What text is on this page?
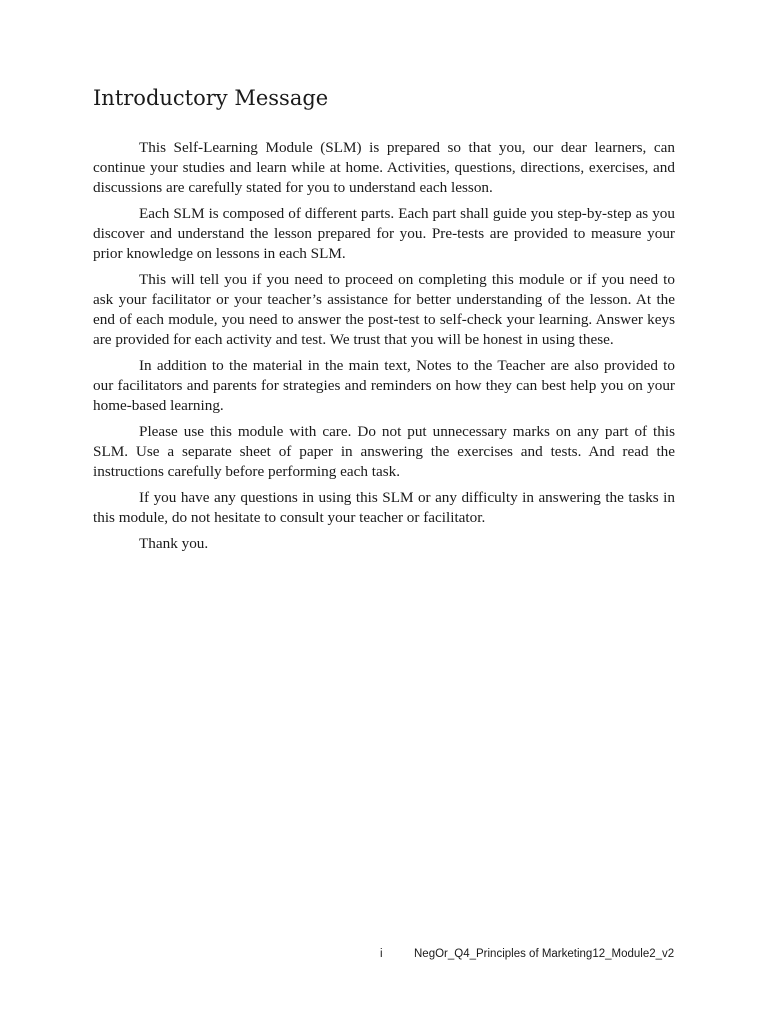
Introductory Message

This Self-Learning Module (SLM) is prepared so that you, our dear learners, can continue your studies and learn while at home. Activities, questions, directions, exercises, and discussions are carefully stated for you to understand each lesson.

Each SLM is composed of different parts. Each part shall guide you step-by-step as you discover and understand the lesson prepared for you. Pre-tests are provided to measure your prior knowledge on lessons in each SLM.

This will tell you if you need to proceed on completing this module or if you need to ask your facilitator or your teacher’s assistance for better understanding of the lesson. At the end of each module, you need to answer the post-test to self-check your learning. Answer keys are provided for each activity and test. We trust that you will be honest in using these.

In addition to the material in the main text, Notes to the Teacher are also provided to our facilitators and parents for strategies and reminders on how they can best help you on your home-based learning.

Please use this module with care. Do not put unnecessary marks on any part of this SLM. Use a separate sheet of paper in answering the exercises and tests. And read the instructions carefully before performing each task.

If you have any questions in using this SLM or any difficulty in answering the tasks in this module, do not hesitate to consult your teacher or facilitator.

Thank you.

i	NegOr_Q4_Principles of Marketing12_Module2_v2
